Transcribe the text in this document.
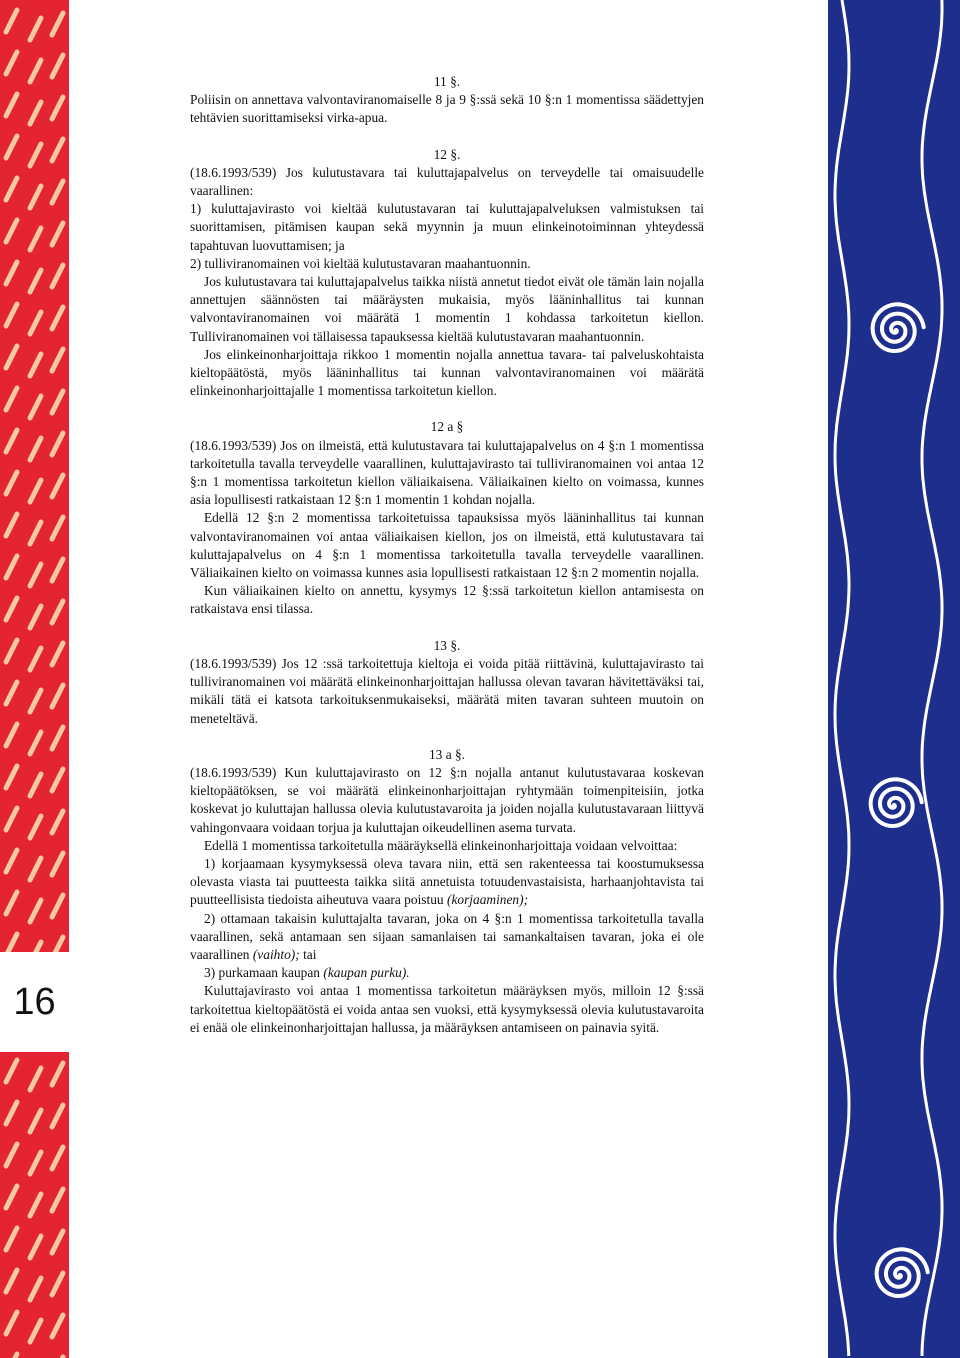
16
11 §.

Poliisin on annettava valvontaviranomaiselle 8 ja 9 §:ssä sekä 10 §:n 1 momentissa säädettyjen tehtävien suorittamiseksi virka-apua.

12 §.

(18.6.1993/539) Jos kulutustavara tai kuluttajapalvelus on terveydelle tai omaisuudelle vaarallinen:

1) kuluttajavirasto voi kieltää kulutustavaran tai kuluttajapalveluksen valmistuksen tai suorittamisen, pitämisen kaupan sekä myynnin ja muun elinkeinotoiminnan yhteydessä tapahtuvan luovuttamisen; ja

2) tulliviranomainen voi kieltää kulutustavaran maahantuonnin.

Jos kulutustavara tai kuluttajapalvelus taikka niistä annetut tiedot eivät ole tämän lain nojalla annettujen säännösten tai määräysten mukaisia, myös lääninhallitus tai kunnan valvontaviranomainen voi määrätä 1 momentin 1 kohdassa tarkoitetun kiellon. Tulliviranomainen voi tällaisessa tapauksessa kieltää kulutustavaran maahantuonnin.

Jos elinkeinonharjoittaja rikkoo 1 momentin nojalla annettua tavara- tai palveluskohtaista kieltopäätöstä, myös lääninhallitus tai kunnan valvontaviranomainen voi määrätä elinkeinonharjoittajalle 1 momentissa tarkoitetun kiellon.

12 a §

(18.6.1993/539) Jos on ilmeistä, että kulutustavara tai kuluttajapalvelus on 4 §:n 1 momentissa tarkoitetulla tavalla terveydelle vaarallinen, kuluttajavirasto tai tulliviranomainen voi antaa 12 §:n 1 momentissa tarkoitetun kiellon väliaikaisena. Väliaikainen kielto on voimassa, kunnes asia lopullisesti ratkaistaan 12 §:n 1 momentin 1 kohdan nojalla.

Edellä 12 §:n 2 momentissa tarkoitetuissa tapauksissa myös lääninhallitus tai kunnan valvontaviranomainen voi antaa väliaikaisen kiellon, jos on ilmeistä, että kulutustavara tai kuluttajapalvelus on 4 §:n 1 momentissa tarkoitetulla tavalla terveydelle vaarallinen. Väliaikainen kielto on voimassa kunnes asia lopullisesti ratkaistaan 12 §:n 2 momentin nojalla.

Kun väliaikainen kielto on annettu, kysymys 12 §:ssä tarkoitetun kiellon antamisesta on ratkaistava ensi tilassa.

13 §.

(18.6.1993/539) Jos 12 :ssä tarkoitettuja kieltoja ei voida pitää riittävinä, kuluttajavirasto tai tulliviranomainen voi määrätä elinkeinonharjoittajan hallussa olevan tavaran hävitettäväksi tai, mikäli tätä ei katsota tarkoituksenmukaiseksi, määrätä miten tavaran suhteen muutoin on meneteltävä.

13 a §.

(18.6.1993/539) Kun kuluttajavirasto on 12 §:n nojalla antanut kulutustavaraa koskevan kieltopäätöksen, se voi määrätä elinkeinonharjoittajan ryhtymään toimenpiteisiin, jotka koskevat jo kuluttajan hallussa olevia kulutustavaroita ja joiden nojalla kulutustavaraan liittyvä vahingonvaara voidaan torjua ja kuluttajan oikeudellinen asema turvata.

Edellä 1 momentissa tarkoitetulla määräyksellä elinkeinonharjoittaja voidaan velvoittaa:

1) korjaamaan kysymyksessä oleva tavara niin, että sen rakenteessa tai koostumuksessa olevasta viasta tai puutteesta taikka siitä annetuista totuudenvastaisista, harhaanjohtavista tai puutteellisista tiedoista aiheutuva vaara poistuu (korjaaminen);

2) ottamaan takaisin kuluttajalta tavaran, joka on 4 §:n 1 momentissa tarkoitetulla tavalla vaarallinen, sekä antamaan sen sijaan samanlaisen tai samankaltaisen tavaran, joka ei ole vaarallinen (vaihto); tai

3) purkamaan kaupan (kaupan purku).

Kuluttajavirasto voi antaa 1 momentissa tarkoitetun määräyksen myös, milloin 12 §:ssä tarkoitettua kieltopäätöstä ei voida antaa sen vuoksi, että kysymyksessä olevia kulutustavaroita ei enää ole elinkeinonharjoittajan hallussa, ja määräyksen antamiseen on painavia syitä.
